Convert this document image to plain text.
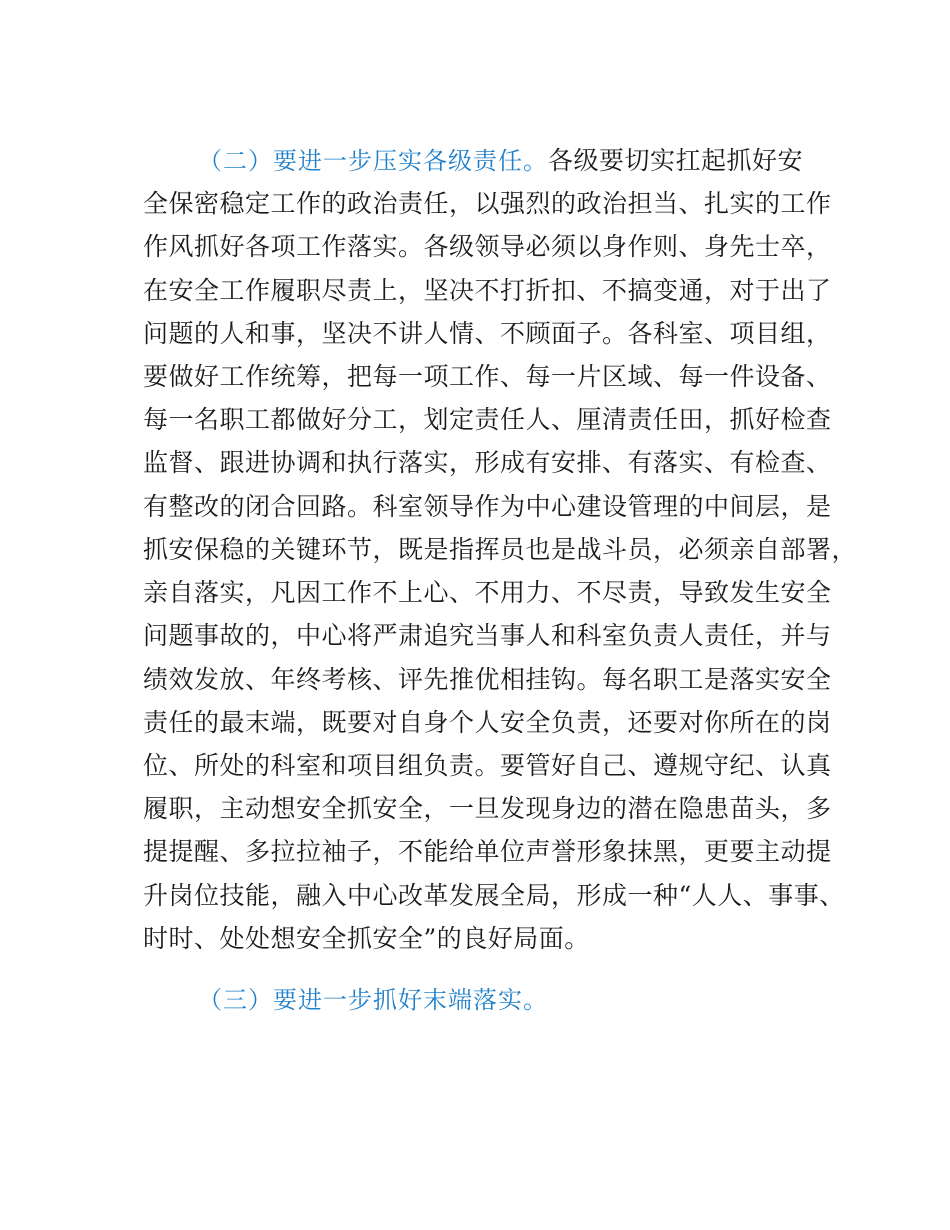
（二）要进一步压实各级责任。各级要切实扛起抓好安
全保密稳定工作的政治责任，以强烈的政治担当、扎实的工作
作风抓好各项工作落实。各级领导必须以身作则、身先士卒，
在安全工作履职尽责上，坚决不打折扣、不搞变通，对于出了
问题的人和事，坚决不讲人情、不顾面子。各科室、项目组，
要做好工作统筹，把每一项工作、每一片区域、每一件设备、
每一名职工都做好分工，划定责任人、厘清责任田，抓好检查
监督、跟进协调和执行落实，形成有安排、有落实、有检查、
有整改的闭合回路。科室领导作为中心建设管理的中间层，是
抓安保稳的关键环节，既是指挥员也是战斗员，必须亲自部署，
亲自落实，凡因工作不上心、不用力、不尽责，导致发生安全
问题事故的，中心将严肃追究当事人和科室负责人责任，并与
绩效发放、年终考核、评先推优相挂钩。每名职工是落实安全
责任的最末端，既要对自身个人安全负责，还要对你所在的岗
位、所处的科室和项目组负责。要管好自己、遵规守纪、认真
履职，主动想安全抓安全，一旦发现身边的潜在隐患苗头，多
提提醒、多拉拉袖子，不能给单位声誉形象抹黑，更要主动提
升岗位技能，融入中心改革发展全局，形成一种“人人、事事、
时时、处处想安全抓安全”的良好局面。
（三）要进一步抓好末端落实。
